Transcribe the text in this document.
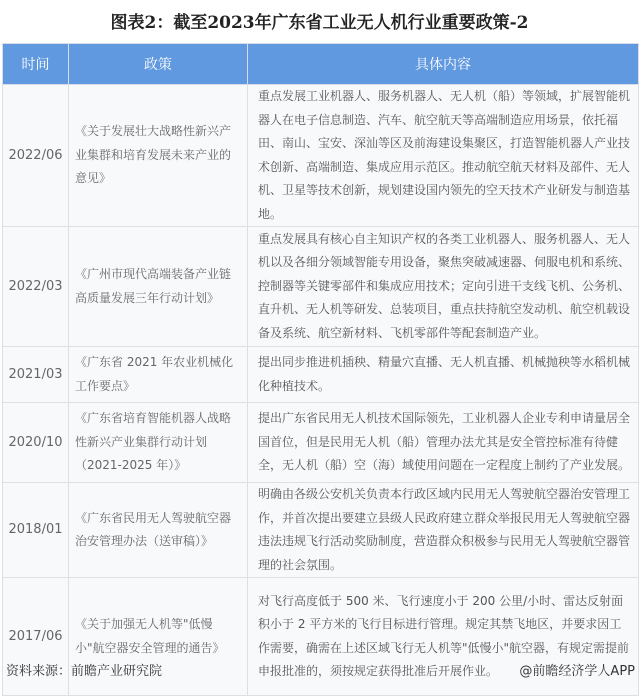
图表2：截至2023年广东省工业无人机行业重要政策-2
时间	政策	具体内容
2022/06	《关于发展壮大战略性新兴产业集群和培育发展未来产业的意见》	重点发展工业机器人、服务机器人、无人机（船）等领域，扩展智能机器人在电子信息制造、汽车、航空航天等高端制造应用场景，依托福田、南山、宝安、深汕等区及前海建设集聚区，打造智能机器人产业技术创新、高端制造、集成应用示范区。推动航空航天材料及部件、无人机、卫星等技术创新，规划建设国内领先的空天技术产业研发与制造基地。
2022/03	《广州市现代高端装备产业链高质量发展三年行动计划》	重点发展具有核心自主知识产权的各类工业机器人、服务机器人、无人机以及各细分领域智能专用设备，聚焦突破减速器、伺服电机和系统、控制器等关键零部件和集成应用技术；定向引进干支线飞机、公务机、直升机、无人机等研发、总装项目，重点扶持航空发动机、航空机载设备及系统、航空新材料、飞机零部件等配套制造产业。
2021/03	《广东省 2021 年农业机械化工作要点》	提出同步推进机插秧、精量穴直播、无人机直播、机械抛秧等水稻机械化种植技术。
2020/10	《广东省培育智能机器人战略性新兴产业集群行动计划（2021-2025 年）》	提出广东省民用无人机技术国际领先，工业机器人企业专利申请量居全国首位，但是民用无人机（船）管理办法尤其是安全管控标准有待健全，无人机（船）空（海）域使用问题在一定程度上制约了产业发展。
2018/01	《广东省民用无人驾驶航空器治安管理办法（送审稿）》	明确由各级公安机关负责本行政区域内民用无人驾驶航空器治安管理工作，并首次提出要建立县级人民政府建立群众举报民用无人驾驶航空器违法违规飞行活动奖励制度，营造群众积极参与民用无人驾驶航空器管理的社会氛围。
2017/06	《关于加强无人机等"低慢小"航空器安全管理的通告》	对飞行高度低于 500 米、飞行速度小于 200 公里/小时、雷达反射面积小于 2 平方米的飞行目标进行管理。规定其禁飞地区，并要求因工作需要，确需在上述区域飞行无人机等"低慢小"航空器，有规定需提前申报批准的，须按规定获得批准后开展作业。
资料来源：前瞻产业研究院	@前瞻经济学人APP
